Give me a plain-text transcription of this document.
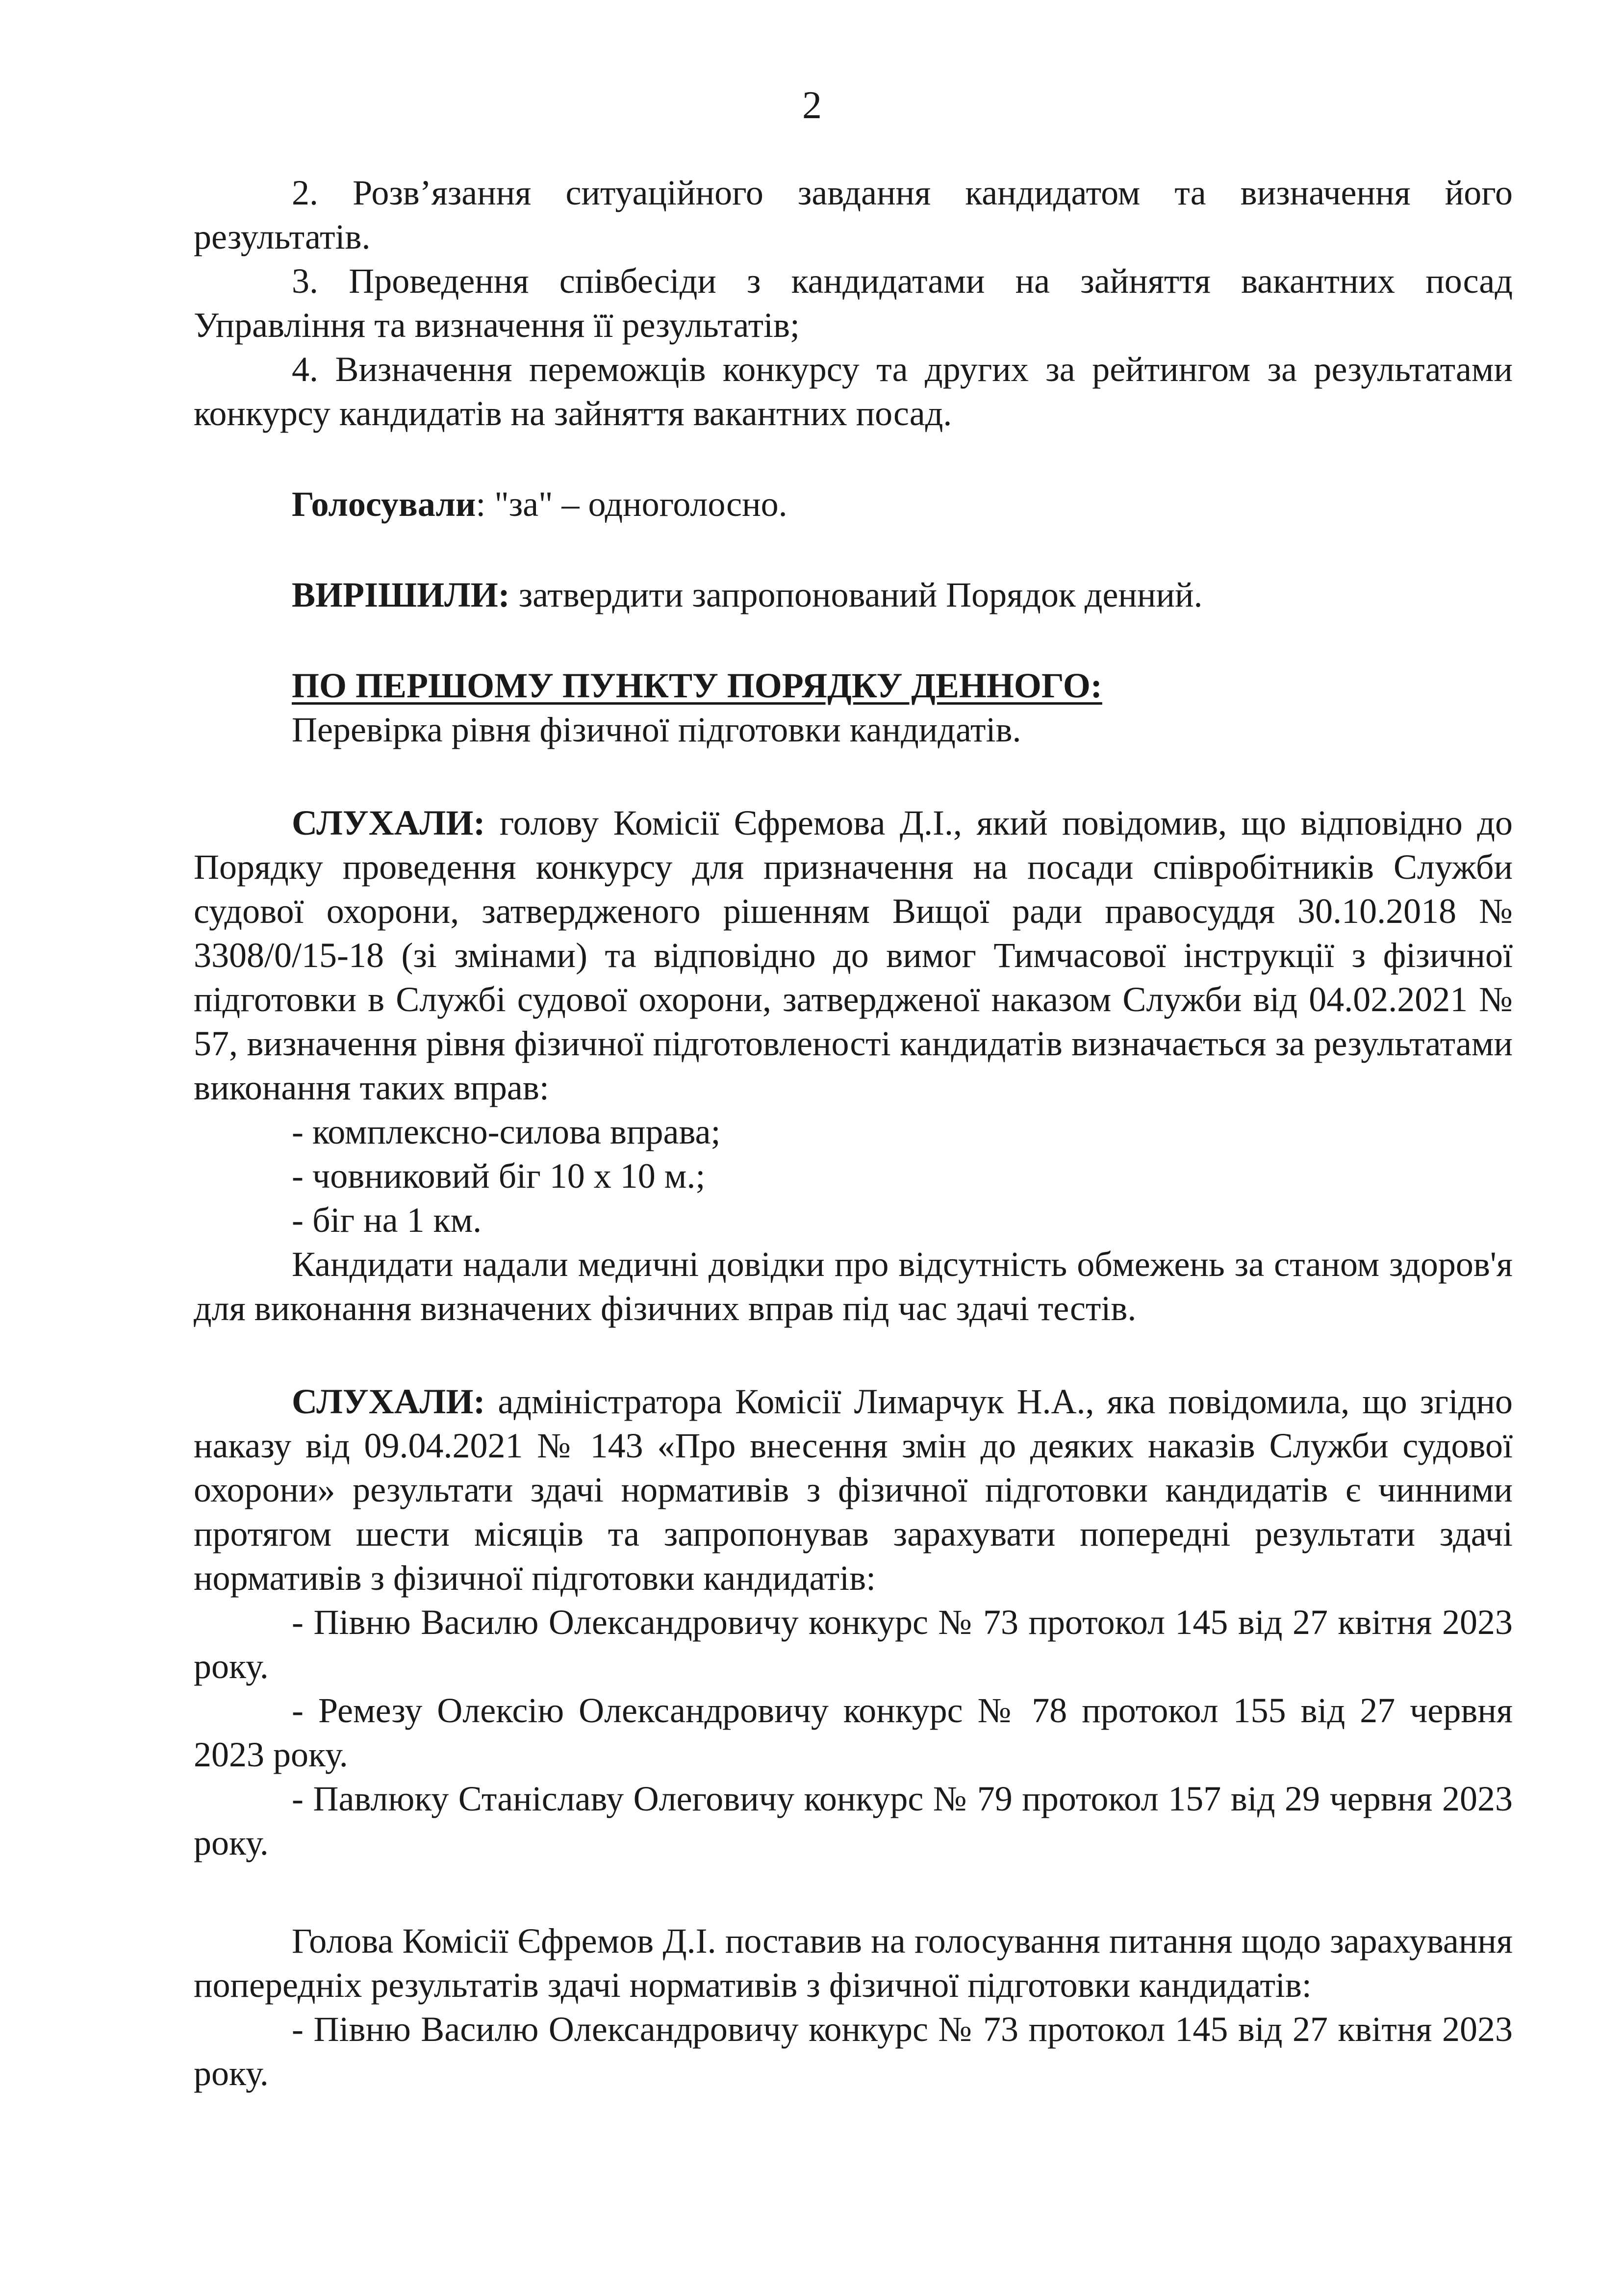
2

2. Розв’язання ситуаційного завдання кандидатом та визначення його результатів.

3. Проведення співбесіди з кандидатами на зайняття вакантних посад Управління та визначення її результатів;

4. Визначення переможців конкурсу та других за рейтингом за результатами конкурсу кандидатів на зайняття вакантних посад.

Голосували: "за" – одноголосно.

ВИРІШИЛИ: затвердити запропонований Порядок денний.

ПО ПЕРШОМУ ПУНКТУ ПОРЯДКУ ДЕННОГО:

Перевірка рівня фізичної підготовки кандидатів.

СЛУХАЛИ: голову Комісії Єфремова Д.І., який повідомив, що відповідно до Порядку проведення конкурсу для призначення на посади співробітників Служби судової охорони, затвердженого рішенням Вищої ради правосуддя 30.10.2018 № 3308/0/15-18 (зі змінами) та відповідно до вимог Тимчасової інструкції з фізичної підготовки в Службі судової охорони, затвердженої наказом Служби від 04.02.2021 № 57, визначення рівня фізичної підготовленості кандидатів визначається за результатами виконання таких вправ:

- комплексно-силова вправа;

- човниковий біг 10 х 10 м.;

- біг на 1 км.

Кандидати надали медичні довідки про відсутність обмежень за станом здоров'я для виконання визначених фізичних вправ під час здачі тестів.

СЛУХАЛИ: адміністратора Комісії Лимарчук Н.А., яка повідомила, що згідно наказу від 09.04.2021 № 143 «Про внесення змін до деяких наказів Служби судової охорони» результати здачі нормативів з фізичної підготовки кандидатів є чинними протягом шести місяців та запропонував зарахувати попередні результати здачі нормативів з фізичної підготовки кандидатів:

- Півню Василю Олександровичу конкурс № 73 протокол 145 від 27 квітня 2023 року.

- Ремезу Олексію Олександровичу конкурс № 78 протокол 155 від 27 червня 2023 року.

- Павлюку Станіславу Олеговичу конкурс № 79 протокол 157 від 29 червня 2023 року.

Голова Комісії Єфремов Д.І. поставив на голосування питання щодо зарахування попередніх результатів здачі нормативів з фізичної підготовки кандидатів:

- Півню Василю Олександровичу конкурс № 73 протокол 145 від 27 квітня 2023 року.
